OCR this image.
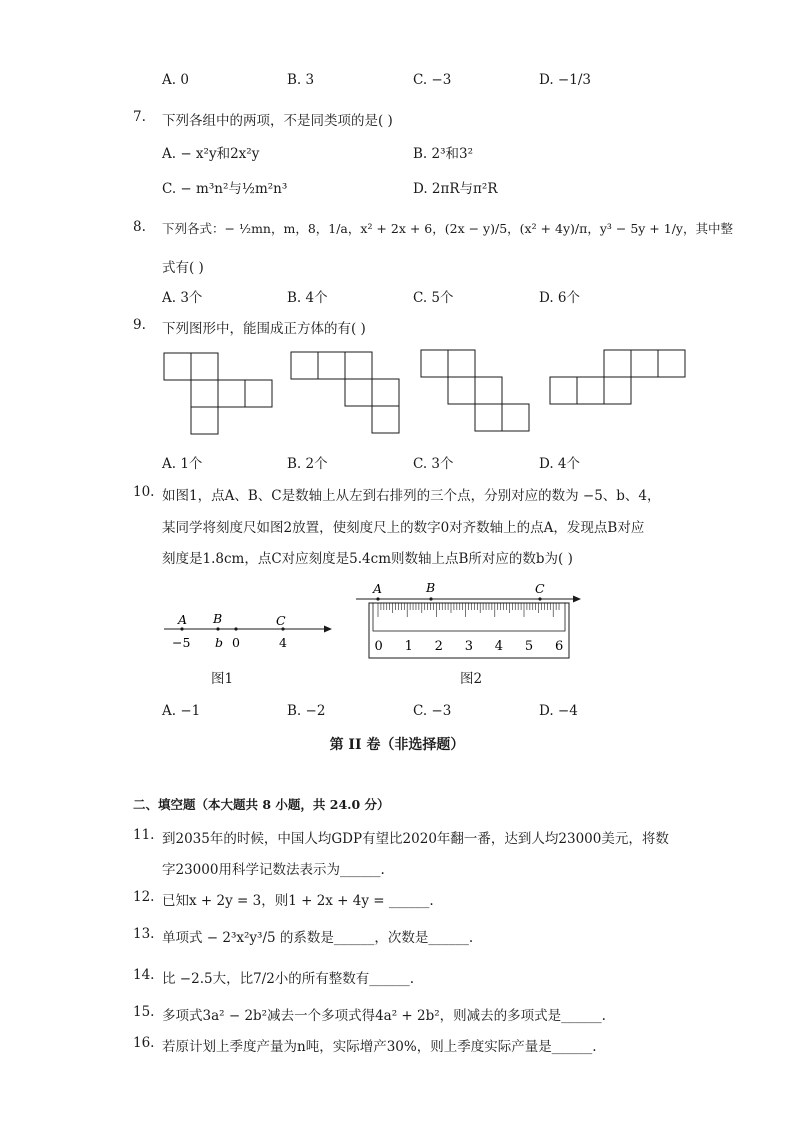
A. 0	B. 3	C. −3	D. −1/3
7. 下列各组中的两项，不是同类项的是( )
A. − x²y和2x²y	B. 2³和3²
C. − m³n²与½m²n³	D. 2πR与π²R
8. 下列各式：− ½mn，m，8，1/a，x² + 2x + 6，(2x − y)/5，(x² + 4y)/π，y³ − 5y + 1/y，其中整
式有( )
A. 3个	B. 4个	C. 5个	D. 6个
9. 下列图形中，能围成正方体的有( )
A. 1个	B. 2个	C. 3个	D. 4个
10. 如图1，点A、B、C是数轴上从左到右排列的三个点，分别对应的数为 −5、b、4，
某同学将刻度尺如图2放置，使刻度尺上的数字0对齐数轴上的点A，发现点B对应
刻度是1.8cm，点C对应刻度是5.4cm则数轴上点B所对应的数b为( )
A B	C
−5 b 0	4
图1
A	B	C
0 1 2 3 4 5 6
图2
A. −1	B. −2	C. −3	D. −4
第 II 卷（非选择题）
二、填空题（本大题共 8 小题，共 24.0 分）
11. 到2035年的时候，中国人均GDP有望比2020年翻一番，达到人均23000美元，将数
字23000用科学记数法表示为______.
12. 已知x + 2y = 3，则1 + 2x + 4y = ______.
13. 单项式 − 2³x²y³/5 的系数是______，次数是______.
14. 比 −2.5大，比7/2小的所有整数有______.
15. 多项式3a² − 2b²减去一个多项式得4a² + 2b²，则减去的多项式是______.
16. 若原计划上季度产量为n吨，实际增产30%，则上季度实际产量是______.
